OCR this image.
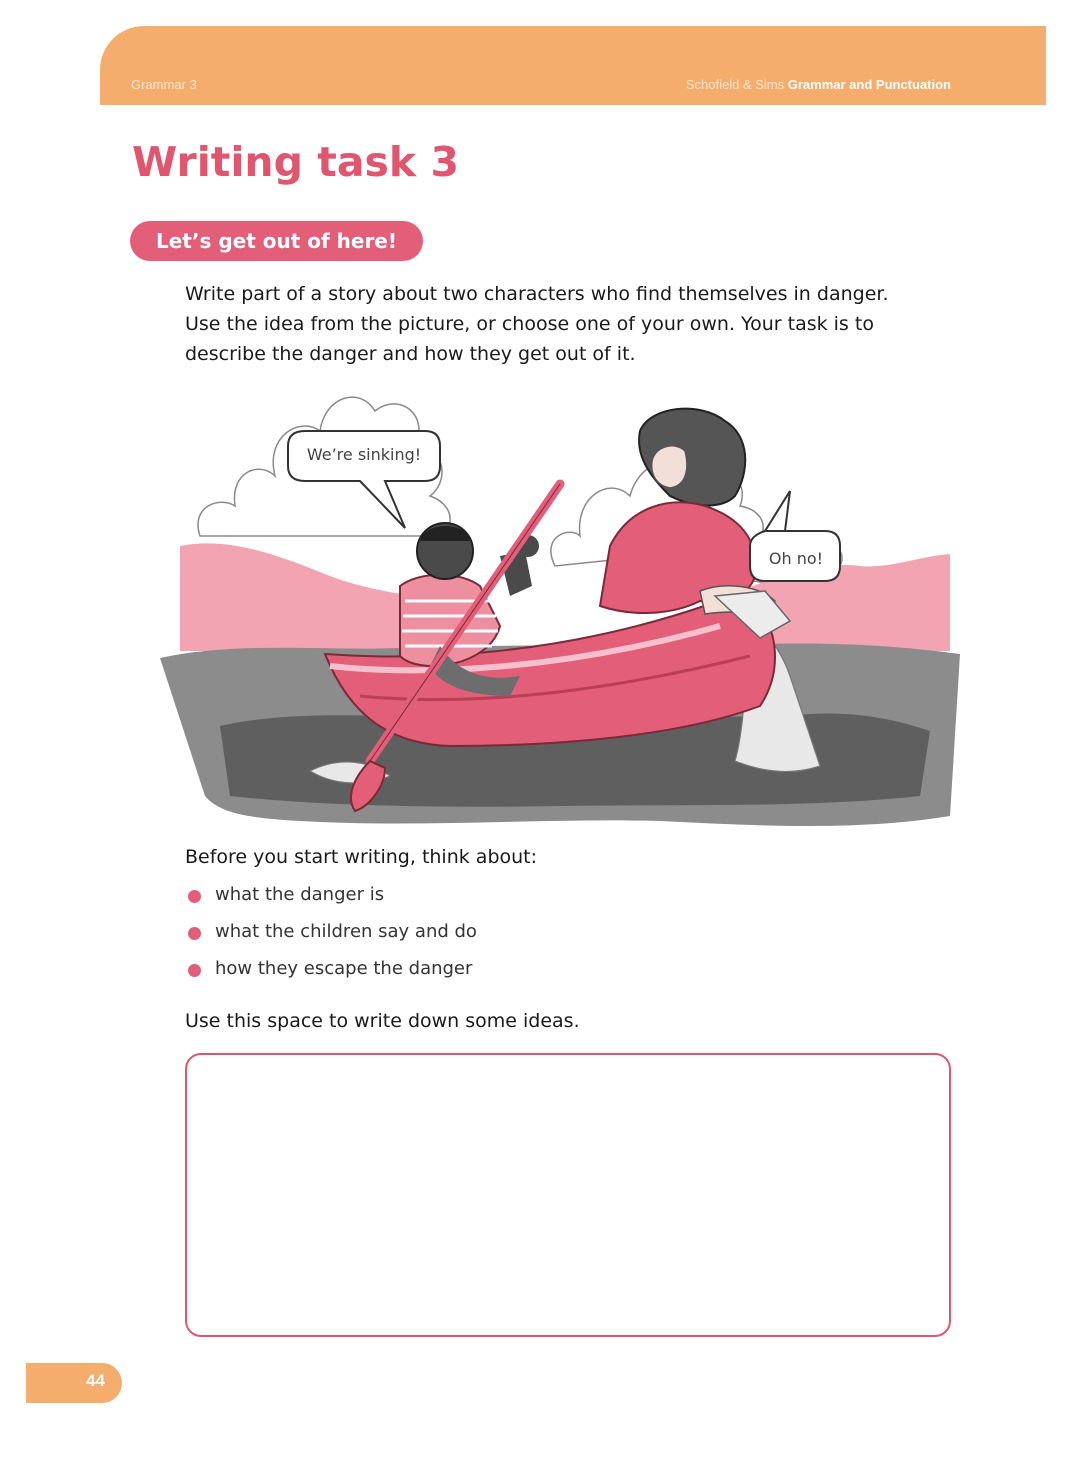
Grammar 3	Schofield & Sims Grammar and Punctuation
Writing task 3
Let’s get out of here!

Write part of a story about two characters who find themselves in danger. Use the idea from the picture, or choose one of your own. Your task is to describe the danger and how they get out of it.

We’re sinking!
Oh no!

Before you start writing, think about:

what the danger is
what the children say and do
how they escape the danger

Use this space to write down some ideas.

44
